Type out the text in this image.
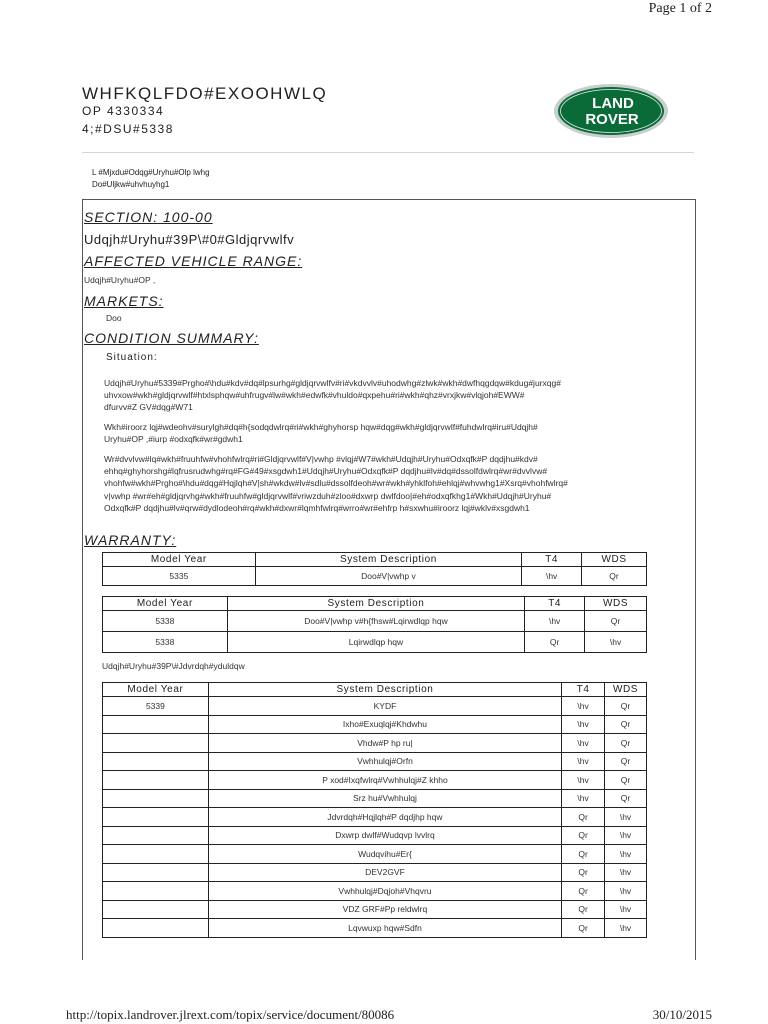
Page 1 of 2
WHFKQLFDO#EXOOHWLQ
OP 4330334
4;#DSU#5338
LAND
ROVER
L #Mjxdu#Odqg#Uryhu#Olp lwhg
Do#Uljkw#uhvhuyhg1
SECTION: 100-00
Udqjh#Uryhu#39P\#0#Gldjqrvwlfv
AFFECTED VEHICLE RANGE:
Udqjh#Uryhu#OP ,
MARKETS:
Doo
CONDITION SUMMARY:
Situation:
Udqjh#Uryhu#5339#Prgho#\hdu#kdv#dq#lpsurhg#gldjqrvwlfv#ri#vkdvvlv#uhodwhg#zlwk#wkh#dwfhqgdqw#kdug#jurxqg#
uhvxow#wkh#gldjqrvwlf#htxlsphqw#uhfrugv#lw#wkh#edwfk#vhuldo#qxpehu#ri#wkh#qhz#vrxjkw#vlqjoh#EWW#
dfurvv#Z GV#dqg#W71
Wkh#iroorz lqj#wdeohv#surylgh#dq#h{sodqdwlrq#ri#wkh#ghyhorsp hqw#dqg#wkh#gldjqrvwlf#fuhdwlrq#iru#Udqjh#
Uryhu#OP ,#iurp #odxqfk#wr#gdwh1
Wr#dvvlvw#lq#wkh#fruuhfw#vhohfwlrq#ri#Gldjqrvwlf#V|vwhp #vlqj#W7#wkh#Udqjh#Uryhu#Odxqfk#P dqdjhu#kdv#
ehhq#ghyhorshg#lqfrusrudwhg#rq#FG#49#xsgdwh1#Udqjh#Uryhu#Odxqfk#P dqdjhu#lv#dq#dssolfdwlrq#wr#dvvlvw#
vhohfw#wkh#Prgho#\hdu#dqg#Hqjlqh#V|sh#wkdw#lv#sdlu#dssolfdeoh#wr#wkh#yhklfoh#ehlqj#whvwhg1#Xsrq#vhohfwlrq#
v|vwhp #wr#eh#gldjqrvhg#wkh#fruuhfw#gldjqrvwlf#vriwzduh#zloo#dxwrp dwlfdoo|#eh#odxqfkhg1#Wkh#Udqjh#Uryhu#
Odxqfk#P dqdjhu#lv#qrw#dydlodeoh#rq#wkh#dxwr#lqmhfwlrq#wrro#wr#ehfrp h#sxwhu#iroorz lqj#wklv#xsgdwh1
WARRANTY:
Model Year	System Description	T4	WDS
5335	Doo#V|vwhp v	\hv	Qr
Model Year	System Description	T4	WDS
5338	Doo#V|vwhp v#h{fhsw#Lqirwdlqp hqw	\hv	Qr
5338	Lqirwdlqp hqw	Qr	\hv
Udqjh#Uryhu#39P\#Jdvrdqh#yduldqw
Model Year	System Description	T4	WDS
5339	KYDF	\hv	Qr
	Ixho#Exuqlqj#Khdwhu	\hv	Qr
	Vhdw#P hp ru|	\hv	Qr
	Vwhhulqj#Orfn	\hv	Qr
	P xod#Ixqfwlrq#Vwhhulqj#Z khho	\hv	Qr
	Srz hu#Vwhhulqj	\hv	Qr
	Jdvrdqh#Hqjlqh#P dqdjhp hqw	Qr	\hv
	Dxwrp dwlf#Wudqvp lvvlrq	Qr	\hv
	Wudqvihu#Er{	Qr	\hv
	DEV2GVF	Qr	\hv
	Vwhhulqj#Dqjoh#Vhqvru	Qr	\hv
	VDZ GRF#Pp reldwlrq	Qr	\hv
	Lqvwuxp hqw#Sdfn	Qr	\hv
http://topix.landrover.jlrext.com/topix/service/document/80086	30/10/2015
